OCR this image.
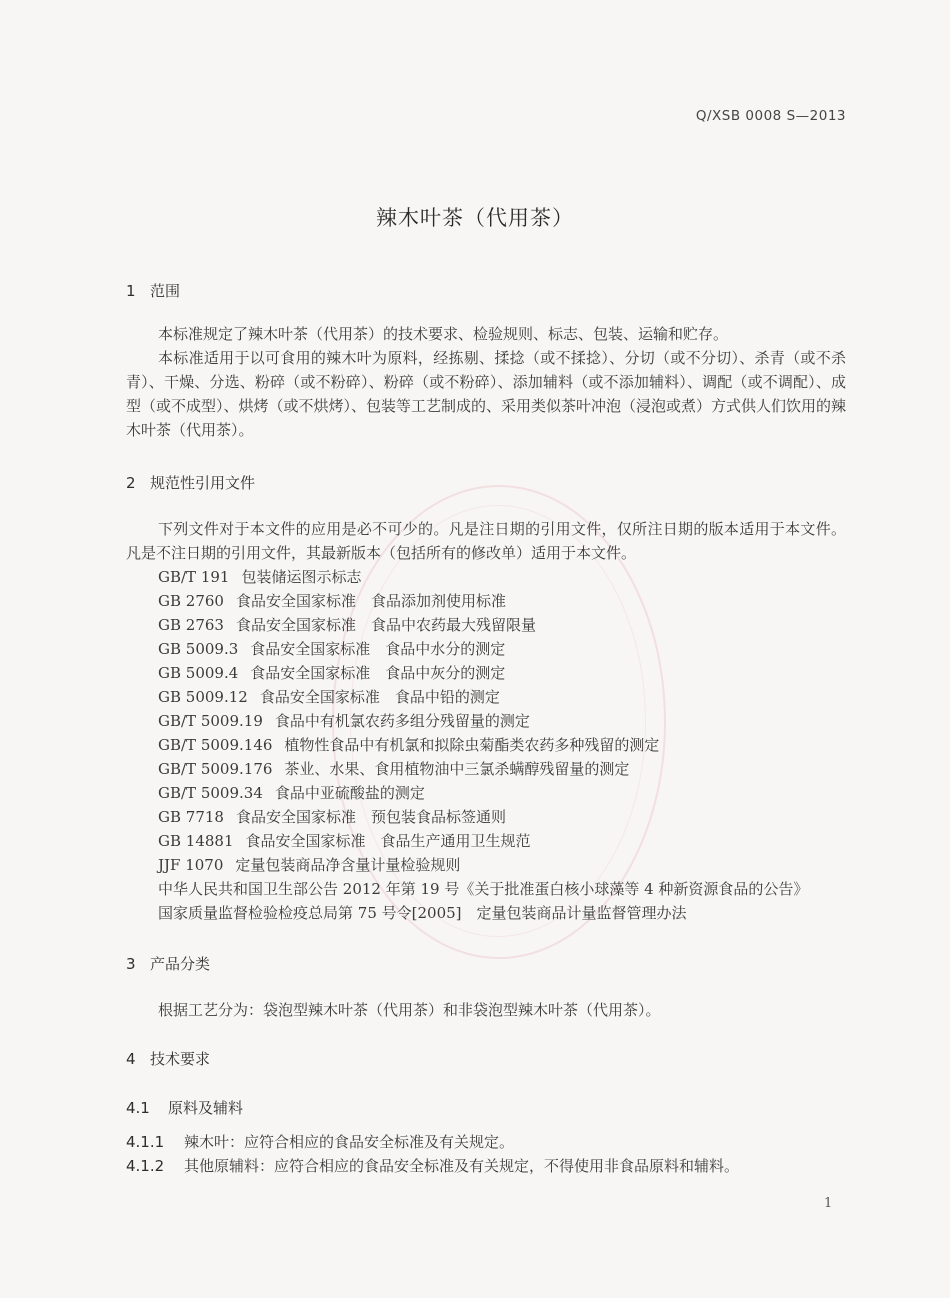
Q/XSB 0008 S—2013
辣木叶茶（代用茶）
1 范围
本标准规定了辣木叶茶（代用茶）的技术要求、检验规则、标志、包装、运输和贮存。
本标准适用于以可食用的辣木叶为原料，经拣剔、揉捻（或不揉捻）、分切（或不分切）、杀青（或不杀青）、干燥、分选、粉碎（或不粉碎）、粉碎（或不粉碎）、添加辅料（或不添加辅料）、调配（或不调配）、成型（或不成型）、烘烤（或不烘烤）、包装等工艺制成的、采用类似茶叶冲泡（浸泡或煮）方式供人们饮用的辣木叶茶（代用茶）。
2 规范性引用文件
下列文件对于本文件的应用是必不可少的。凡是注日期的引用文件，仅所注日期的版本适用于本文件。凡是不注日期的引用文件，其最新版本（包括所有的修改单）适用于本文件。
GB/T 191 包装储运图示标志
GB 2760 食品安全国家标准　食品添加剂使用标准
GB 2763 食品安全国家标准　食品中农药最大残留限量
GB 5009.3 食品安全国家标准　食品中水分的测定
GB 5009.4 食品安全国家标准　食品中灰分的测定
GB 5009.12 食品安全国家标准　食品中铅的测定
GB/T 5009.19 食品中有机氯农药多组分残留量的测定
GB/T 5009.146 植物性食品中有机氯和拟除虫菊酯类农药多种残留的测定
GB/T 5009.176 茶业、水果、食用植物油中三氯杀螨醇残留量的测定
GB/T 5009.34 食品中亚硫酸盐的测定
GB 7718 食品安全国家标准　预包装食品标签通则
GB 14881 食品安全国家标准　食品生产通用卫生规范
JJF 1070 定量包装商品净含量计量检验规则
中华人民共和国卫生部公告 2012 年第 19 号《关于批准蛋白核小球藻等 4 种新资源食品的公告》
国家质量监督检验检疫总局第 75 号令[2005]　定量包装商品计量监督管理办法
3 产品分类
根据工艺分为：袋泡型辣木叶茶（代用茶）和非袋泡型辣木叶茶（代用茶）。
4 技术要求
4.1 原料及辅料
4.1.1 辣木叶：应符合相应的食品安全标准及有关规定。
4.1.2 其他原辅料：应符合相应的食品安全标准及有关规定，不得使用非食品原料和辅料。
1
